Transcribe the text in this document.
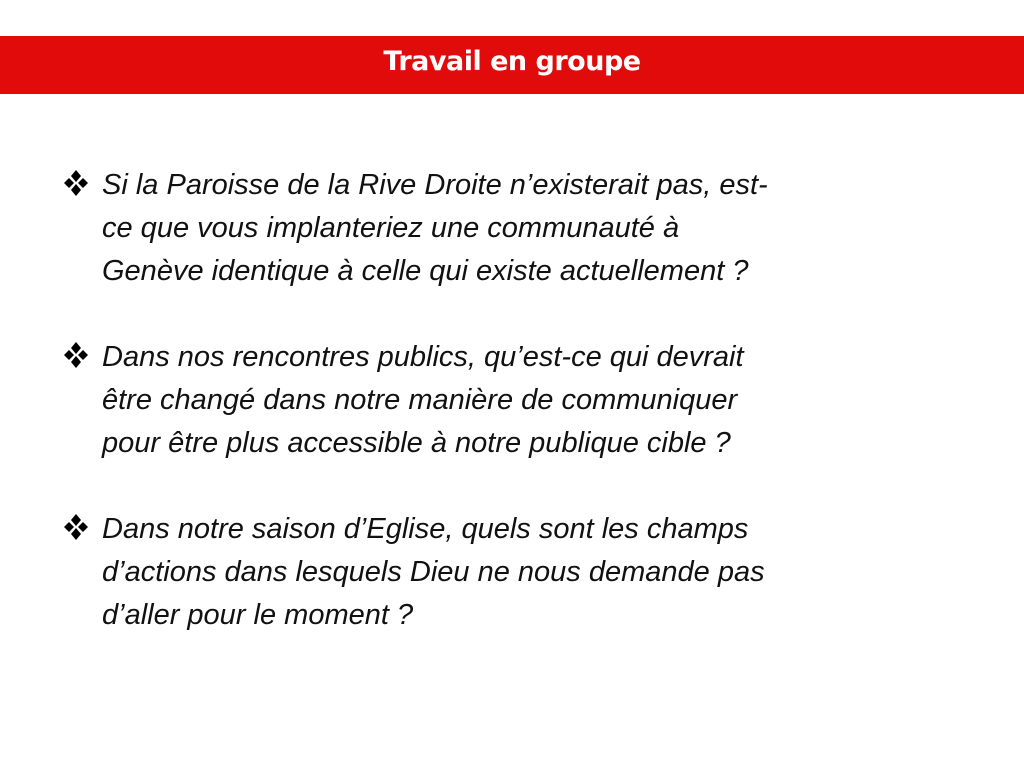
Travail en groupe
Si la Paroisse de la Rive Droite n’existerait pas, est-
ce que vous implanteriez une communauté à
Genève identique à celle qui existe actuellement ?
Dans nos rencontres publics, qu’est-ce qui devrait
être changé dans notre manière de communiquer
pour être plus accessible à notre publique cible ?
Dans notre saison d’Eglise, quels sont les champs
d’actions dans lesquels Dieu ne nous demande pas
d’aller pour le moment ?
